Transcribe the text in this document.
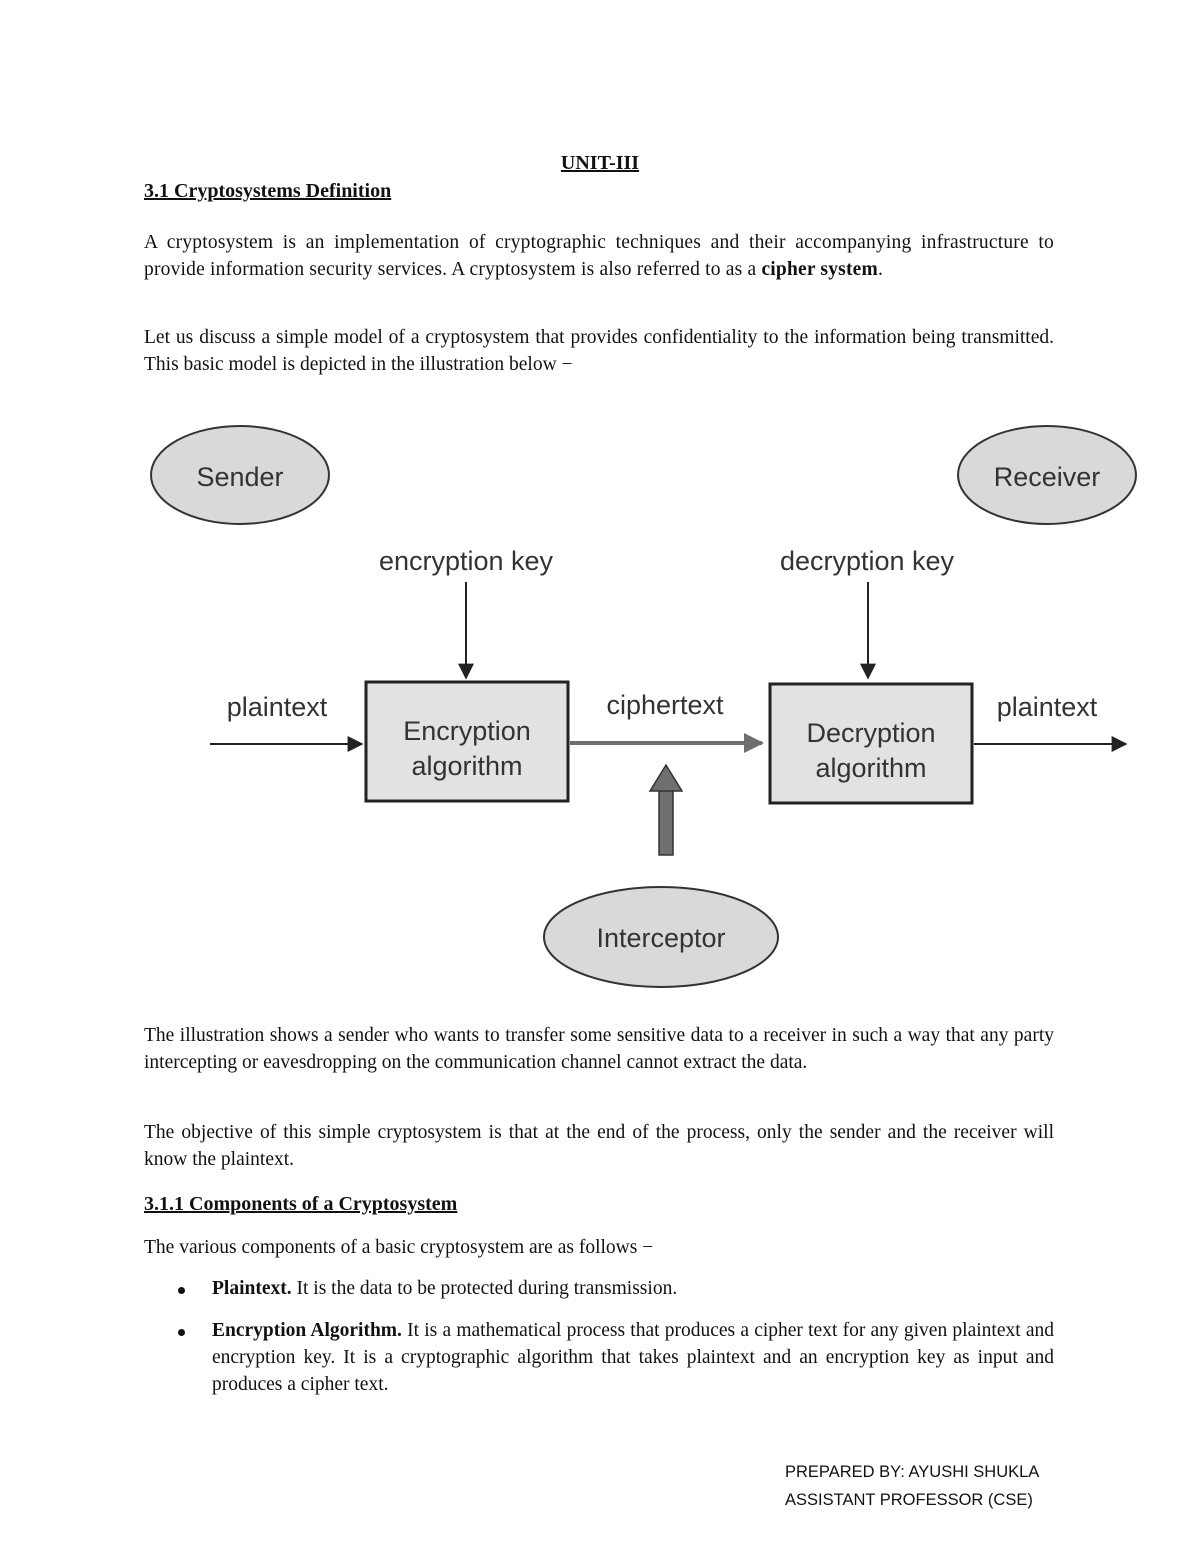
UNIT-III
3.1 Cryptosystems Definition

A cryptosystem is an implementation of cryptographic techniques and their accompanying infrastructure to provide information security services. A cryptosystem is also referred to as a cipher system.

Let us discuss a simple model of a cryptosystem that provides confidentiality to the information being transmitted. This basic model is depicted in the illustration below −

Sender	Receiver
encryption key	decryption key
plaintext
Encryption
algorithm
ciphertext
Decryption
algorithm
plaintext
Interceptor

The illustration shows a sender who wants to transfer some sensitive data to a receiver in such a way that any party intercepting or eavesdropping on the communication channel cannot extract the data.

The objective of this simple cryptosystem is that at the end of the process, only the sender and the receiver will know the plaintext.

3.1.1 Components of a Cryptosystem

The various components of a basic cryptosystem are as follows −

Plaintext. It is the data to be protected during transmission.
Encryption Algorithm. It is a mathematical process that produces a cipher text for any given plaintext and encryption key. It is a cryptographic algorithm that takes plaintext and an encryption key as input and produces a cipher text.
PREPARED BY: AYUSHI SHUKLA
ASSISTANT PROFESSOR (CSE)
